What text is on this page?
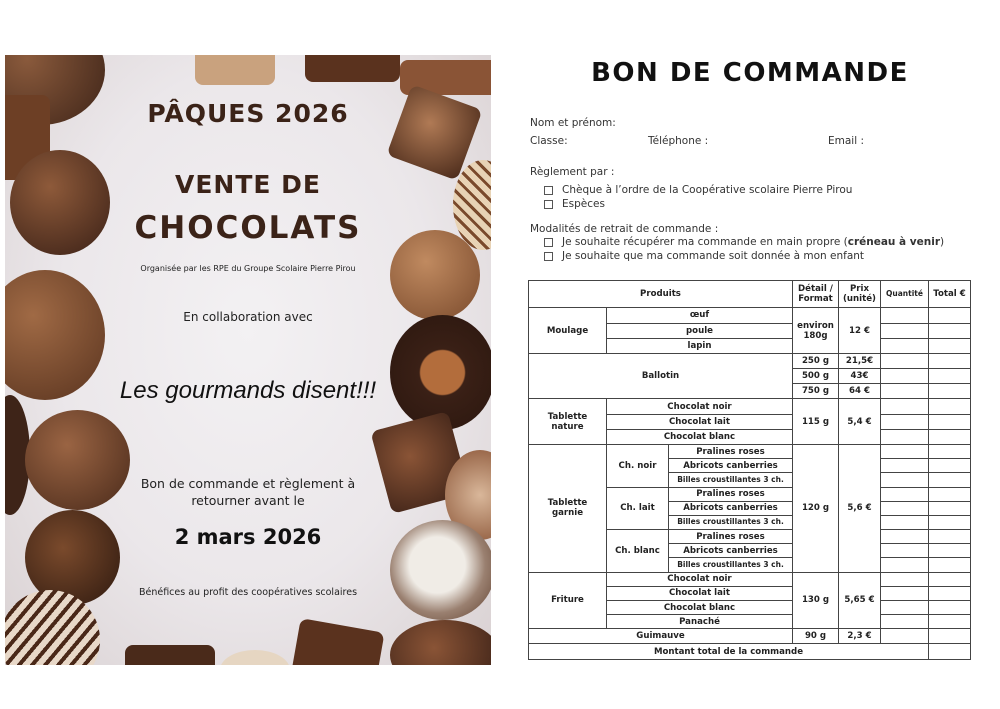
PÂQUES 2026
VENTE DE
CHOCOLATS
Organisée par les RPE du Groupe Scolaire Pierre Pirou
En collaboration avec
Les gourmands disent!!!
Bon de commande et règlement à retourner avant le
2 mars 2026
Bénéfices au profit des coopératives scolaires
BON DE COMMANDE
Nom et prénom:
Classe:	Téléphone :	Email :
Règlement par :
Chèque à l’ordre de la Coopérative scolaire Pierre Pirou
Espèces
Modalités de retrait de commande :
Je souhaite récupérer ma commande en main propre (créneau à venir)
Je souhaite que ma commande soit donnée à mon enfant
Produits			Détail / Format	Prix (unité)	Quantité	Total €
Moulage	œuf		environ 180g	12 €		
	poule					
	lapin					
Ballotin			250 g	21,5€		
			500 g	43€		
			750 g	64 €		
Tablette nature	Chocolat noir		115 g	5,4 €		
	Chocolat lait					
	Chocolat blanc					
Tablette garnie	Ch. noir	Pralines roses	120 g	5,6 €		
		Abricots canberries				
		Billes croustillantes 3 ch.				
	Ch. lait	Pralines roses				
		Abricots canberries				
		Billes croustillantes 3 ch.				
	Ch. blanc	Pralines roses				
		Abricots canberries				
		Billes croustillantes 3 ch.				
Friture	Chocolat noir		130 g	5,65 €		
	Chocolat lait					
	Chocolat blanc					
	Panaché					
Guimauve			90 g	2,3 €		
Montant total de la commande						
